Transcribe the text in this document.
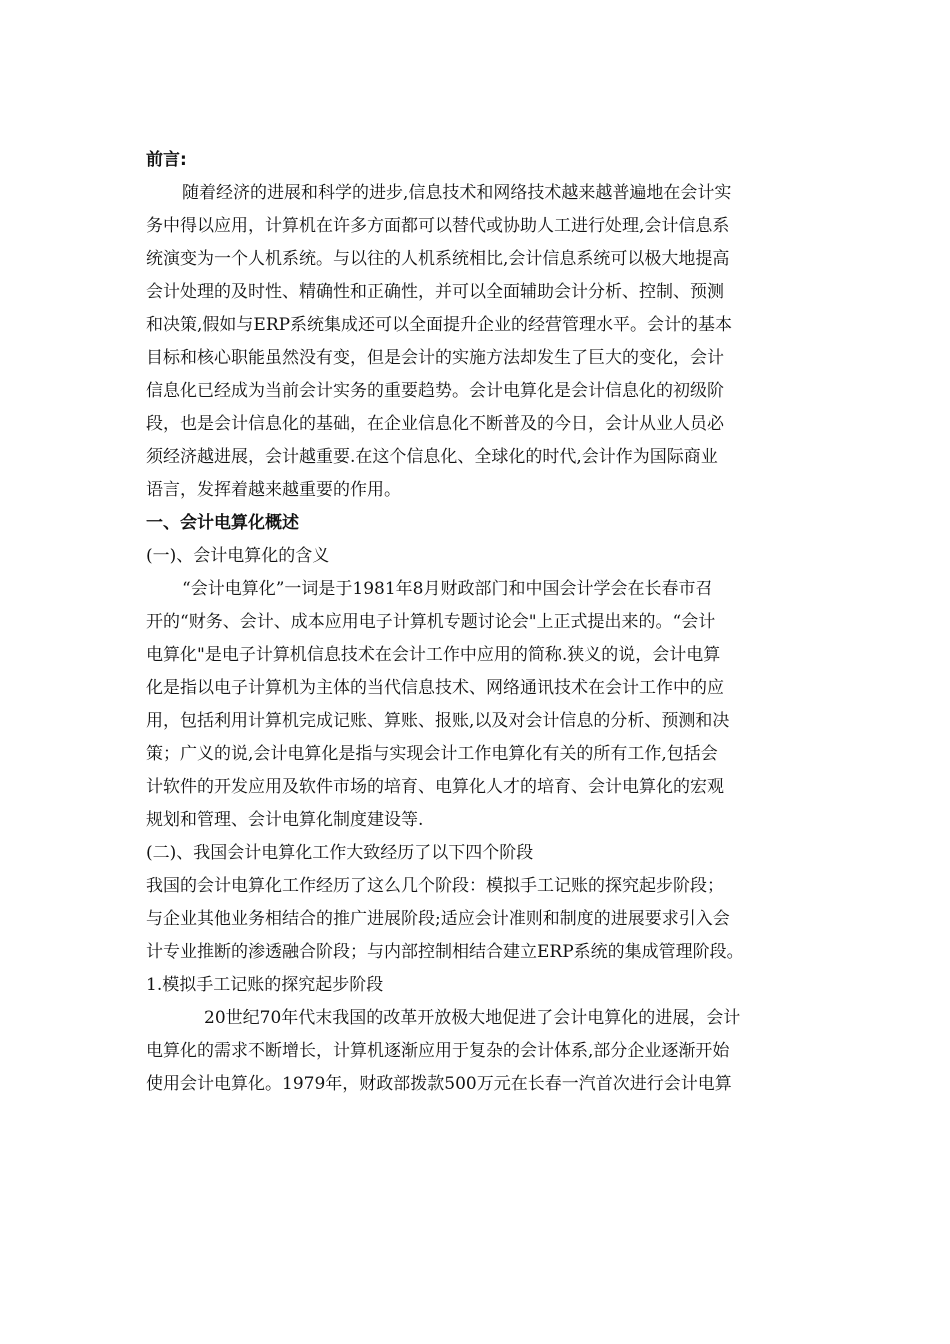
前言:
随着经济的进展和科学的进步,信息技术和网络技术越来越普遍地在会计实
务中得以应用，计算机在许多方面都可以替代或协助人工进行处理,会计信息系
统演变为一个人机系统。与以往的人机系统相比,会计信息系统可以极大地提高
会计处理的及时性、精确性和正确性，并可以全面辅助会计分析、控制、预测
和决策,假如与ERP系统集成还可以全面提升企业的经营管理水平。会计的基本
目标和核心职能虽然没有变，但是会计的实施方法却发生了巨大的变化，会计
信息化已经成为当前会计实务的重要趋势。会计电算化是会计信息化的初级阶
段，也是会计信息化的基础，在企业信息化不断普及的今日，会计从业人员必
须经济越进展，会计越重要.在这个信息化、全球化的时代,会计作为国际商业
语言，发挥着越来越重要的作用。
一、会计电算化概述
(一)、会计电算化的含义
“会计电算化”一词是于1981年8月财政部门和中国会计学会在长春市召
开的“财务、会计、成本应用电子计算机专题讨论会"上正式提出来的。“会计
电算化"是电子计算机信息技术在会计工作中应用的简称.狭义的说，会计电算
化是指以电子计算机为主体的当代信息技术、网络通讯技术在会计工作中的应
用，包括利用计算机完成记账、算账、报账,以及对会计信息的分析、预测和决
策；广义的说,会计电算化是指与实现会计工作电算化有关的所有工作,包括会
计软件的开发应用及软件市场的培育、电算化人才的培育、会计电算化的宏观
规划和管理、会计电算化制度建设等.
(二)、我国会计电算化工作大致经历了以下四个阶段
我国的会计电算化工作经历了这么几个阶段：模拟手工记账的探究起步阶段；
与企业其他业务相结合的推广进展阶段;适应会计准则和制度的进展要求引入会
计专业推断的渗透融合阶段；与内部控制相结合建立ERP系统的集成管理阶段。
1.模拟手工记账的探究起步阶段
20世纪70年代末我国的改革开放极大地促进了会计电算化的进展，会计
电算化的需求不断增长，计算机逐渐应用于复杂的会计体系,部分企业逐渐开始
使用会计电算化。1979年，财政部拨款500万元在长春一汽首次进行会计电算
